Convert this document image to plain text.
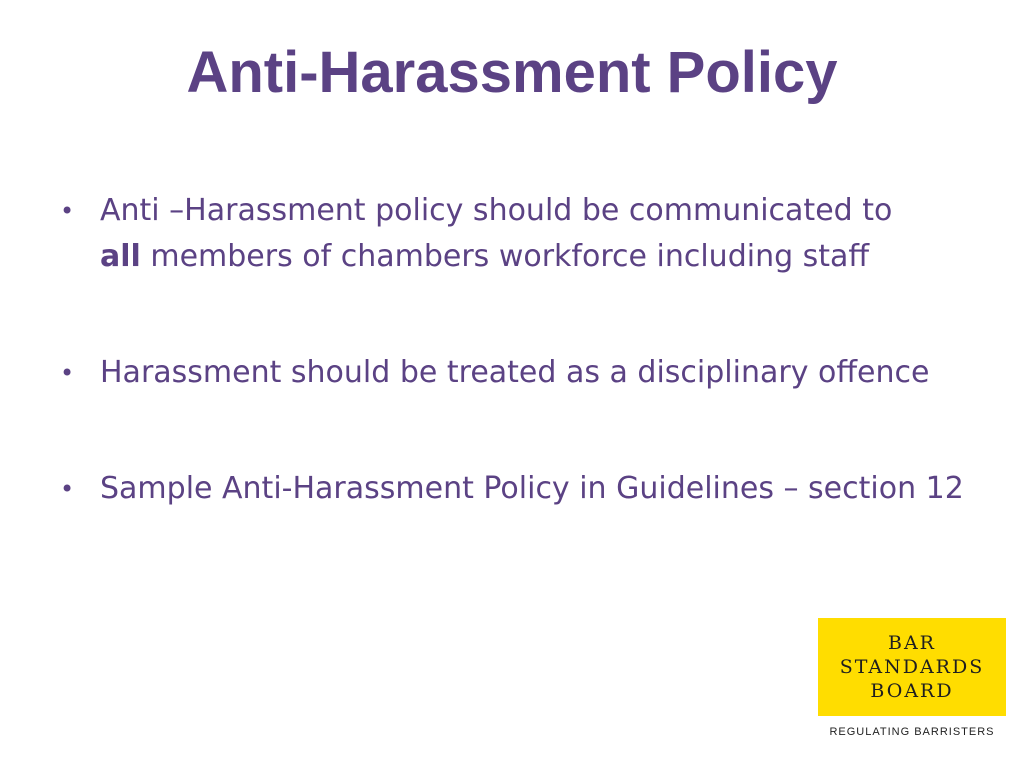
Anti-Harassment Policy
• Anti –Harassment policy should be communicated to
all members of chambers workforce including staff
• Harassment should be treated as a disciplinary offence
• Sample Anti-Harassment Policy in Guidelines – section 12
BAR
STANDARDS
BOARD
REGULATING BARRISTERS
